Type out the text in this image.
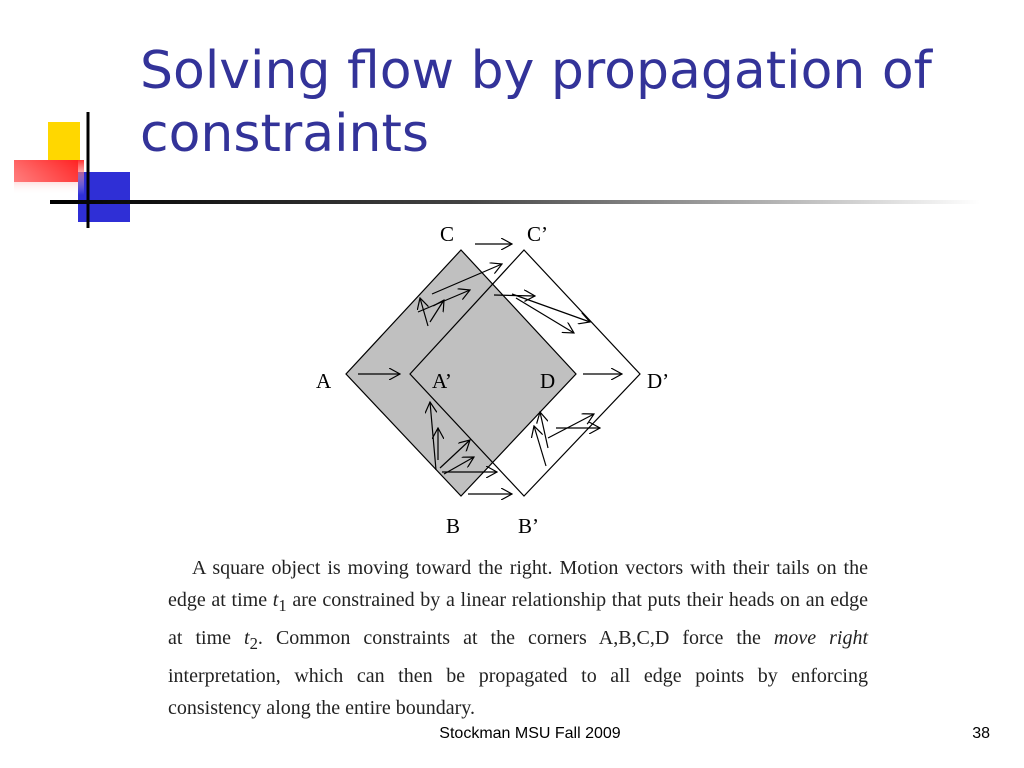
Solving flow by propagation of constraints
C	C’
A	A’	D	D’
B	B’

A square object is moving toward the right. Motion vectors with their tails on the edge at time $t_1$ are constrained by a linear relationship that puts their heads on an edge at time $t_2$. Common constraints at the corners A,B,C,D force the move right interpretation, which can then be propagated to all edge points by enforcing consistency along the entire boundary.

Stockman MSU Fall 2009	38
